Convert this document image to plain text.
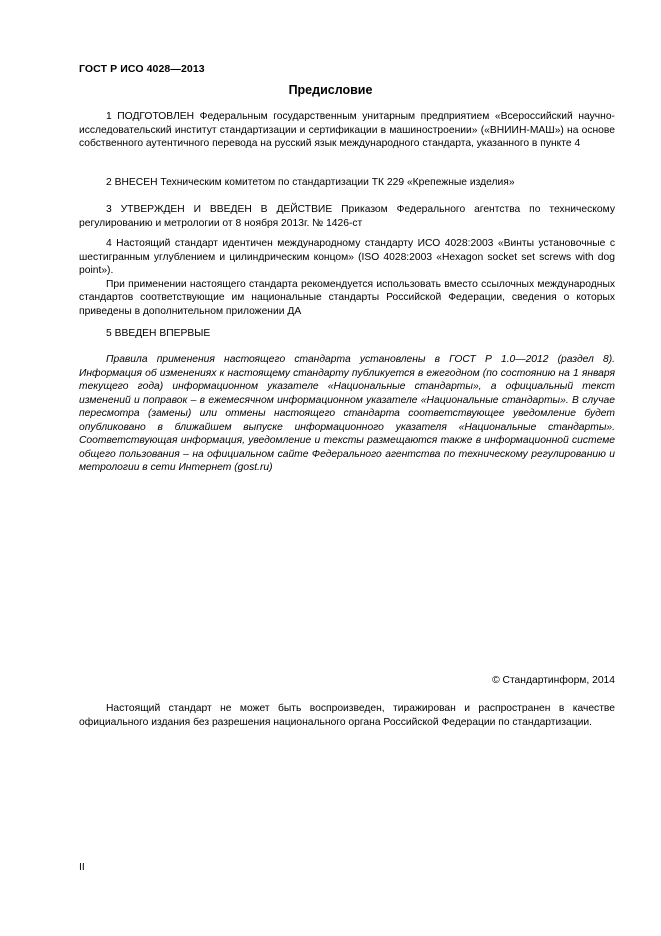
ГОСТ Р ИСО 4028—2013
Предисловие

1 ПОДГОТОВЛЕН Федеральным государственным унитарным предприятием «Всероссийский научно-исследовательский институт стандартизации и сертификации в машиностроении» («ВНИИН-МАШ») на основе собственного аутентичного перевода на русский язык международного стандарта, указанного в пункте 4

2 ВНЕСЕН Техническим комитетом по стандартизации ТК 229 «Крепежные изделия»

3 УТВЕРЖДЕН И ВВЕДЕН В ДЕЙСТВИЕ Приказом Федерального агентства по техническому регулированию и метрологии от 8 ноября 2013г. № 1426-ст

4 Настоящий стандарт идентичен международному стандарту ИСО 4028:2003 «Винты установочные с шестигранным углублением и цилиндрическим концом» (ISO 4028:2003 «Hexagon socket set screws with dog point»).

При применении настоящего стандарта рекомендуется использовать вместо ссылочных международных стандартов соответствующие им национальные стандарты Российской Федерации, сведения о которых приведены в дополнительном приложении ДА

5 ВВЕДЕН ВПЕРВЫЕ

Правила применения настоящего стандарта установлены в ГОСТ Р 1.0—2012 (раздел 8). Информация об изменениях к настоящему стандарту публикуется в ежегодном (по состоянию на 1 января текущего года) информационном указателе «Национальные стандарты», а официальный текст изменений и поправок – в ежемесячном информационном указателе «Национальные стандарты». В случае пересмотра (замены) или отмены настоящего стандарта соответствующее уведомление будет опубликовано в ближайшем выпуске информационного указателя «Национальные стандарты». Соответствующая информация, уведомление и тексты размещаются также в информационной системе общего пользования – на официальном сайте Федерального агентства по техническому регулированию и метрологии в сети Интернет (gost.ru)

© Стандартинформ, 2014

Настоящий стандарт не может быть воспроизведен, тиражирован и распространен в качестве официального издания без разрешения национального органа Российской Федерации по стандартизации.

II
